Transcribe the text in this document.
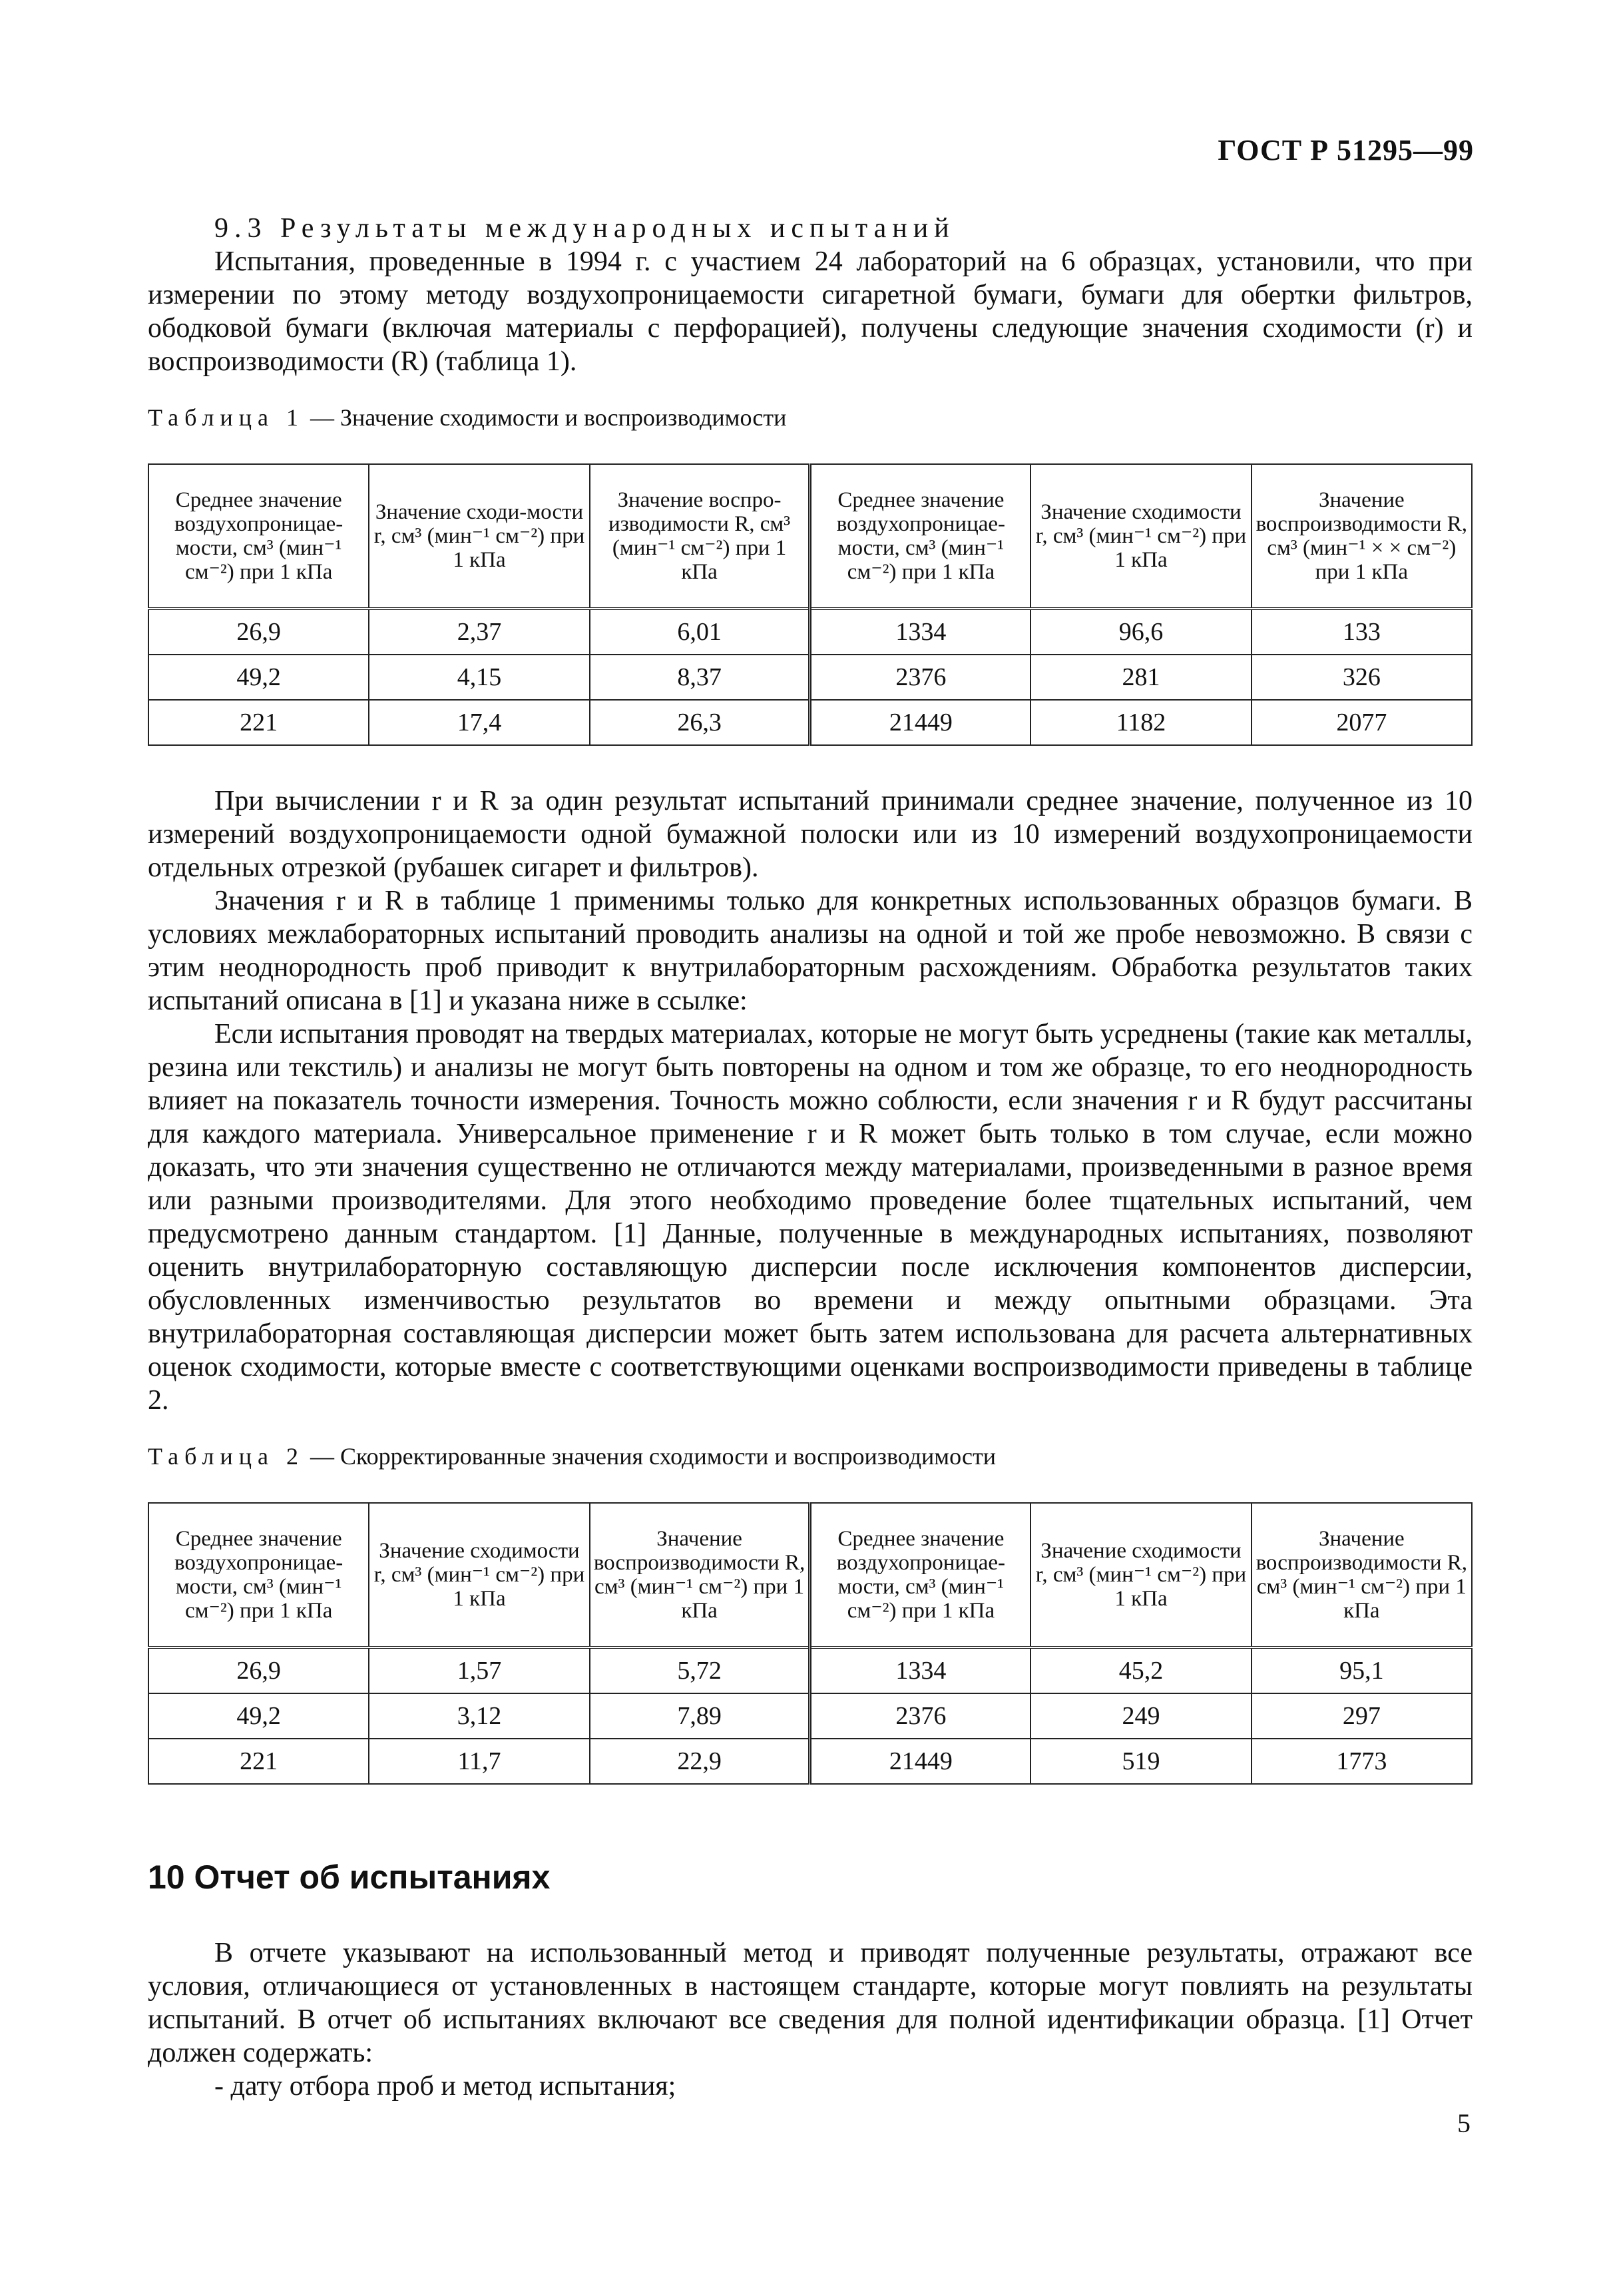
ГОСТ Р 51295—99

9.3 Результаты международных испытаний

Испытания, проведенные в 1994 г. с участием 24 лабораторий на 6 образцах, установили, что при измерении по этому методу воздухопроницаемости сигаретной бумаги, бумаги для обертки фильтров, ободковой бумаги (включая материалы с перфорацией), получены следующие значения сходимости (r) и воспроизводимости (R) (таблица 1).

Таблица 1 — Значение сходимости и воспроизводимости
Среднее значение воздухопроницае-мости, см³ (мин⁻¹ см⁻²) при 1 кПа	Значение сходи-мости r, см³ (мин⁻¹ см⁻²) при 1 кПа	Значение воспро-изводимости R, см³ (мин⁻¹ см⁻²) при 1 кПа	Среднее значение воздухопроницае-мости, см³ (мин⁻¹ см⁻²) при 1 кПа	Значение сходимости r, см³ (мин⁻¹ см⁻²) при 1 кПа	Значение воспроизводимости R, см³ (мин⁻¹ × × см⁻²) при 1 кПа
26,9	2,37	6,01	1334	96,6	133
49,2	4,15	8,37	2376	281	326
221	17,4	26,3	21449	1182	2077

При вычислении r и R за один результат испытаний принимали среднее значение, полученное из 10 измерений воздухопроницаемости одной бумажной полоски или из 10 измерений воздухопроницаемости отдельных отрезкой (рубашек сигарет и фильтров).

Значения r и R в таблице 1 применимы только для конкретных использованных образцов бумаги. В условиях межлабораторных испытаний проводить анализы на одной и той же пробе невозможно. В связи с этим неоднородность проб приводит к внутрилабораторным расхождениям. Обработка результатов таких испытаний описана в [1] и указана ниже в ссылке:

Если испытания проводят на твердых материалах, которые не могут быть усреднены (такие как металлы, резина или текстиль) и анализы не могут быть повторены на одном и том же образце, то его неоднородность влияет на показатель точности измерения. Точность можно соблюсти, если значения r и R будут рассчитаны для каждого материала. Универсальное применение r и R может быть только в том случае, если можно доказать, что эти значения существенно не отличаются между материалами, произведенными в разное время или разными производителями. Для этого необходимо проведение более тщательных испытаний, чем предусмотрено данным стандартом. [1] Данные, полученные в международных испытаниях, позволяют оценить внутрилабораторную составляющую дисперсии после исключения компонентов дисперсии, обусловленных изменчивостью результатов во времени и между опытными образцами. Эта внутрилабораторная составляющая дисперсии может быть затем использована для расчета альтернативных оценок сходимости, которые вместе с соответствующими оценками воспроизводимости приведены в таблице 2.

Таблица 2 — Скорректированные значения сходимости и воспроизводимости
Среднее значение воздухопроницае-мости, см³ (мин⁻¹ см⁻²) при 1 кПа	Значение сходимости r, см³ (мин⁻¹ см⁻²) при 1 кПа	Значение воспроизводимости R, см³ (мин⁻¹ см⁻²) при 1 кПа	Среднее значение воздухопроницае-мости, см³ (мин⁻¹ см⁻²) при 1 кПа	Значение сходимости r, см³ (мин⁻¹ см⁻²) при 1 кПа	Значение воспроизводимости R, см³ (мин⁻¹ см⁻²) при 1 кПа
26,9	1,57	5,72	1334	45,2	95,1
49,2	3,12	7,89	2376	249	297
221	11,7	22,9	21449	519	1773
10 Отчет об испытаниях

В отчете указывают на использованный метод и приводят полученные результаты, отражают все условия, отличающиеся от установленных в настоящем стандарте, которые могут повлиять на результаты испытаний. В отчет об испытаниях включают все сведения для полной идентификации образца. [1] Отчет должен содержать:

- дату отбора проб и метод испытания;

5
